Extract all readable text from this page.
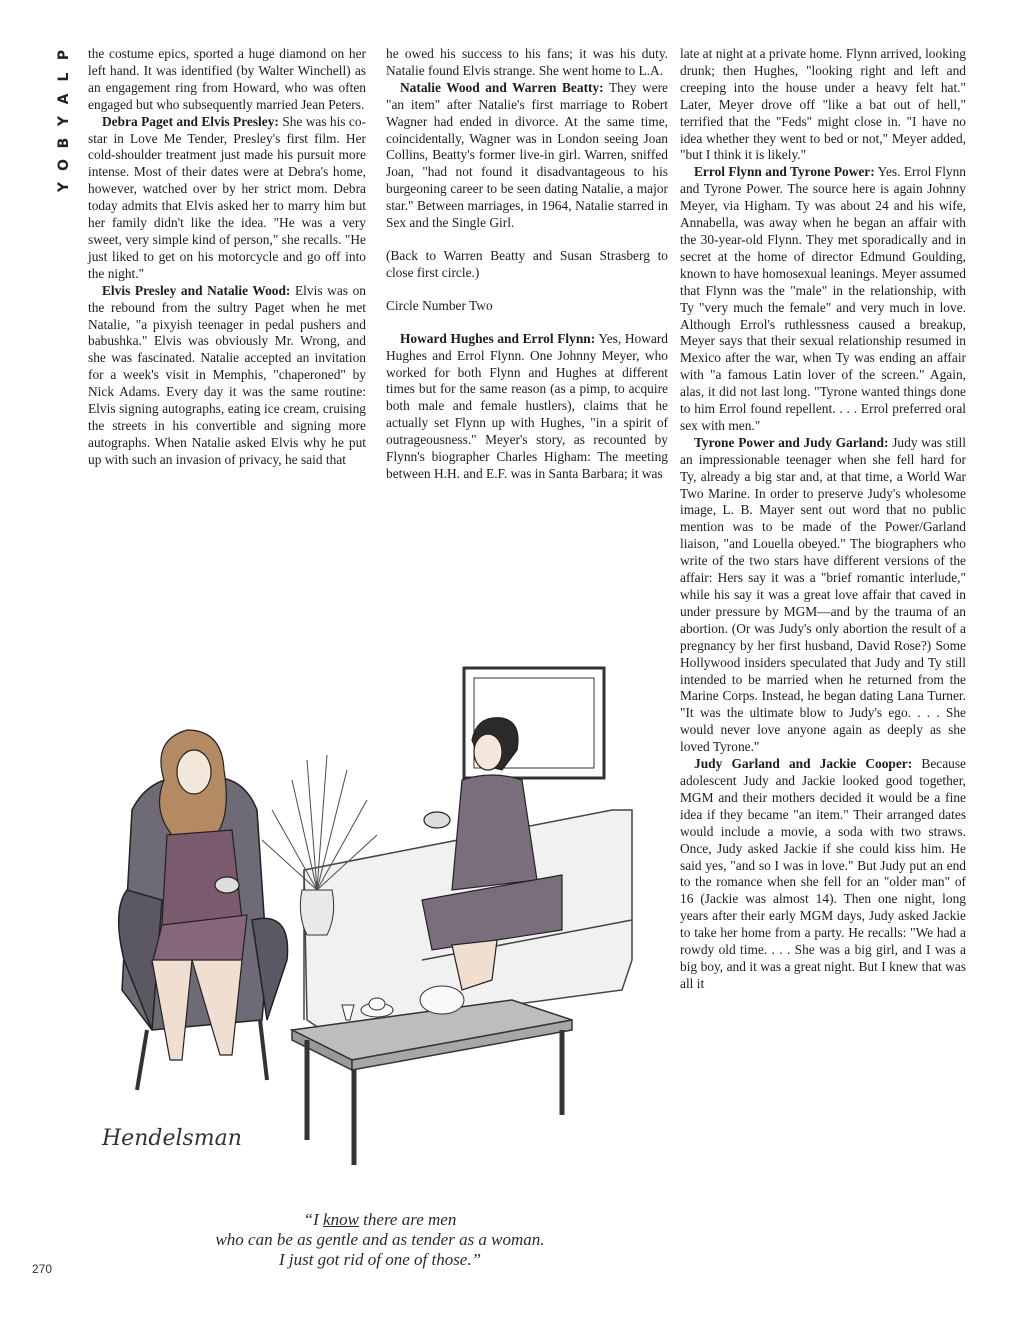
P
L
A
Y
B
O
Y

the costume epics, sported a huge diamond on her left hand. It was identified (by Walter Winchell) as an engagement ring from Howard, who was often engaged but who subsequently married Jean Peters.

Debra Paget and Elvis Presley: She was his co-star in Love Me Tender, Presley's first film. Her cold-shoulder treatment just made his pursuit more intense. Most of their dates were at Debra's home, however, watched over by her strict mom. Debra today admits that Elvis asked her to marry him but her family didn't like the idea. "He was a very sweet, very simple kind of person," she recalls. "He just liked to get on his motorcycle and go off into the night."

Elvis Presley and Natalie Wood: Elvis was on the rebound from the sultry Paget when he met Natalie, "a pixyish teenager in pedal pushers and babushka." Elvis was obviously Mr. Wrong, and she was fascinated. Natalie accepted an invitation for a week's visit in Memphis, "chaperoned" by Nick Adams. Every day it was the same routine: Elvis signing autographs, eating ice cream, cruising the streets in his convertible and signing more autographs. When Natalie asked Elvis why he put up with such an invasion of privacy, he said that

he owed his success to his fans; it was his duty. Natalie found Elvis strange. She went home to L.A.

Natalie Wood and Warren Beatty: They were "an item" after Natalie's first marriage to Robert Wagner had ended in divorce. At the same time, coincidentally, Wagner was in London seeing Joan Collins, Beatty's former live-in girl. Warren, sniffed Joan, "had not found it disadvantageous to his burgeoning career to be seen dating Natalie, a major star." Between marriages, in 1964, Natalie starred in Sex and the Single Girl.

(Back to Warren Beatty and Susan Strasberg to close first circle.)

Circle Number Two

Howard Hughes and Errol Flynn: Yes, Howard Hughes and Errol Flynn. One Johnny Meyer, who worked for both Flynn and Hughes at different times but for the same reason (as a pimp, to acquire both male and female hustlers), claims that he actually set Flynn up with Hughes, "in a spirit of outrageousness." Meyer's story, as recounted by Flynn's biographer Charles Higham: The meeting between H.H. and E.F. was in Santa Barbara; it was

late at night at a private home. Flynn arrived, looking drunk; then Hughes, "looking right and left and creeping into the house under a heavy felt hat." Later, Meyer drove off "like a bat out of hell," terrified that the "Feds" might close in. "I have no idea whether they went to bed or not," Meyer added, "but I think it is likely."

Errol Flynn and Tyrone Power: Yes. Errol Flynn and Tyrone Power. The source here is again Johnny Meyer, via Higham. Ty was about 24 and his wife, Annabella, was away when he began an affair with the 30-year-old Flynn. They met sporadically and in secret at the home of director Edmund Goulding, known to have homosexual leanings. Meyer assumed that Flynn was the "male" in the relationship, with Ty "very much the female" and very much in love. Although Errol's ruthlessness caused a breakup, Meyer says that their sexual relationship resumed in Mexico after the war, when Ty was ending an affair with "a famous Latin lover of the screen." Again, alas, it did not last long. "Tyrone wanted things done to him Errol found repellent. . . . Errol preferred oral sex with men."

Tyrone Power and Judy Garland: Judy was still an impressionable teenager when she fell hard for Ty, already a big star and, at that time, a World War Two Marine. In order to preserve Judy's wholesome image, L. B. Mayer sent out word that no public mention was to be made of the Power/Garland liaison, "and Louella obeyed." The biographers who write of the two stars have different versions of the affair: Hers say it was a "brief romantic interlude," while his say it was a great love affair that caved in under pressure by MGM—and by the trauma of an abortion. (Or was Judy's only abortion the result of a pregnancy by her first husband, David Rose?) Some Hollywood insiders speculated that Judy and Ty still intended to be married when he returned from the Marine Corps. Instead, he began dating Lana Turner. "It was the ultimate blow to Judy's ego. . . . She would never love anyone again as deeply as she loved Tyrone."

Judy Garland and Jackie Cooper: Because adolescent Judy and Jackie looked good together, MGM and their mothers decided it would be a fine idea if they became "an item." Their arranged dates would include a movie, a soda with two straws. Once, Judy asked Jackie if she could kiss him. He said yes, "and so I was in love." But Judy put an end to the romance when she fell for an "older man" of 16 (Jackie was almost 14). Then one night, long years after their early MGM days, Judy asked Jackie to take her home from a party. He recalls: "We had a rowdy old time. . . . She was a big girl, and I was a big boy, and it was a great night. But I knew that was all it

Hendelsman
“I know there are men
who can be as gentle and as tender as a woman.
I just got rid of one of those.”
270
